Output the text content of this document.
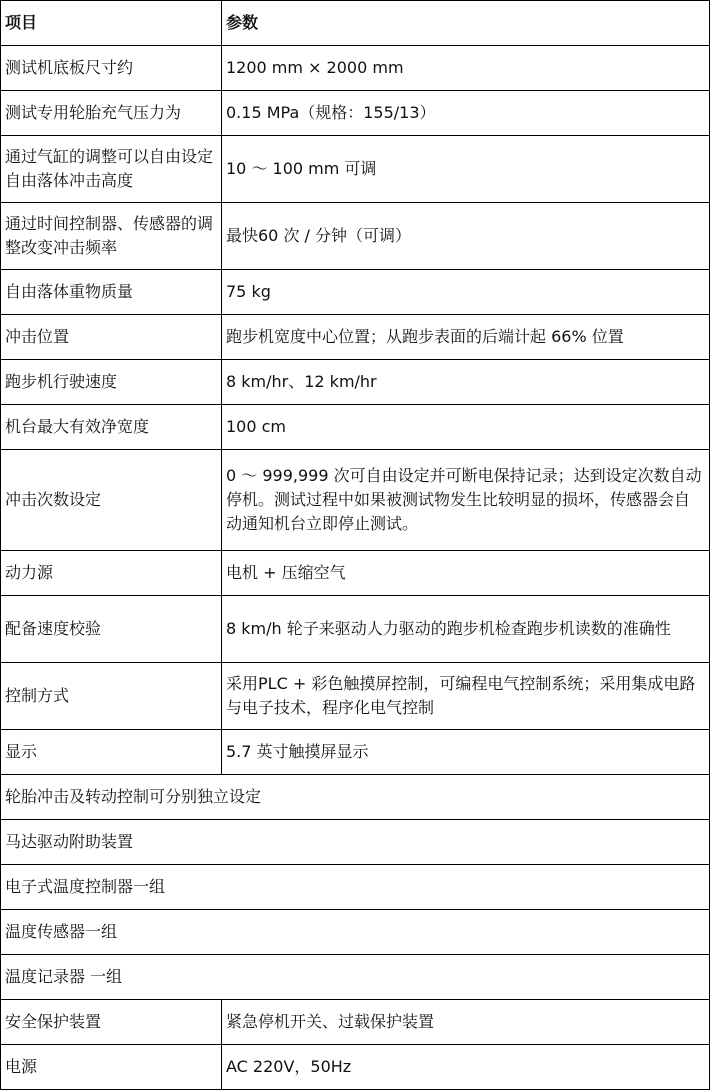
项目	参数
测试机底板尺寸约	1200 mm × 2000 mm
测试专用轮胎充气压力为	0.15 MPa（规格：155/13）
通过气缸的调整可以自由设定自由落体冲击高度	10 ～ 100 mm 可调
通过时间控制器、传感器的调整改变冲击频率	最快60 次 / 分钟（可调）
自由落体重物质量	75 kg
冲击位置	跑步机宽度中心位置；从跑步表面的后端计起 66% 位置
跑步机行驶速度	8 km/hr、12 km/hr
机台最大有效净宽度	100 cm
冲击次数设定	0 ～ 999,999 次可自由设定并可断电保持记录；达到设定次数自动停机。测试过程中如果被测试物发生比较明显的损坏，传感器会自动通知机台立即停止测试。
动力源	电机 + 压缩空气
配备速度校验	8 km/h 轮子来驱动人力驱动的跑步机检查跑步机读数的准确性
控制方式	采用PLC + 彩色触摸屏控制，可编程电气控制系统；采用集成电路与电子技术，程序化电气控制
显示	5.7 英寸触摸屏显示
轮胎冲击及转动控制可分别独立设定	
马达驱动附助装置	
电子式温度控制器一组	
温度传感器一组	
温度记录器 一组	
安全保护装置	紧急停机开关、过载保护装置
电源	AC 220V，50Hz
